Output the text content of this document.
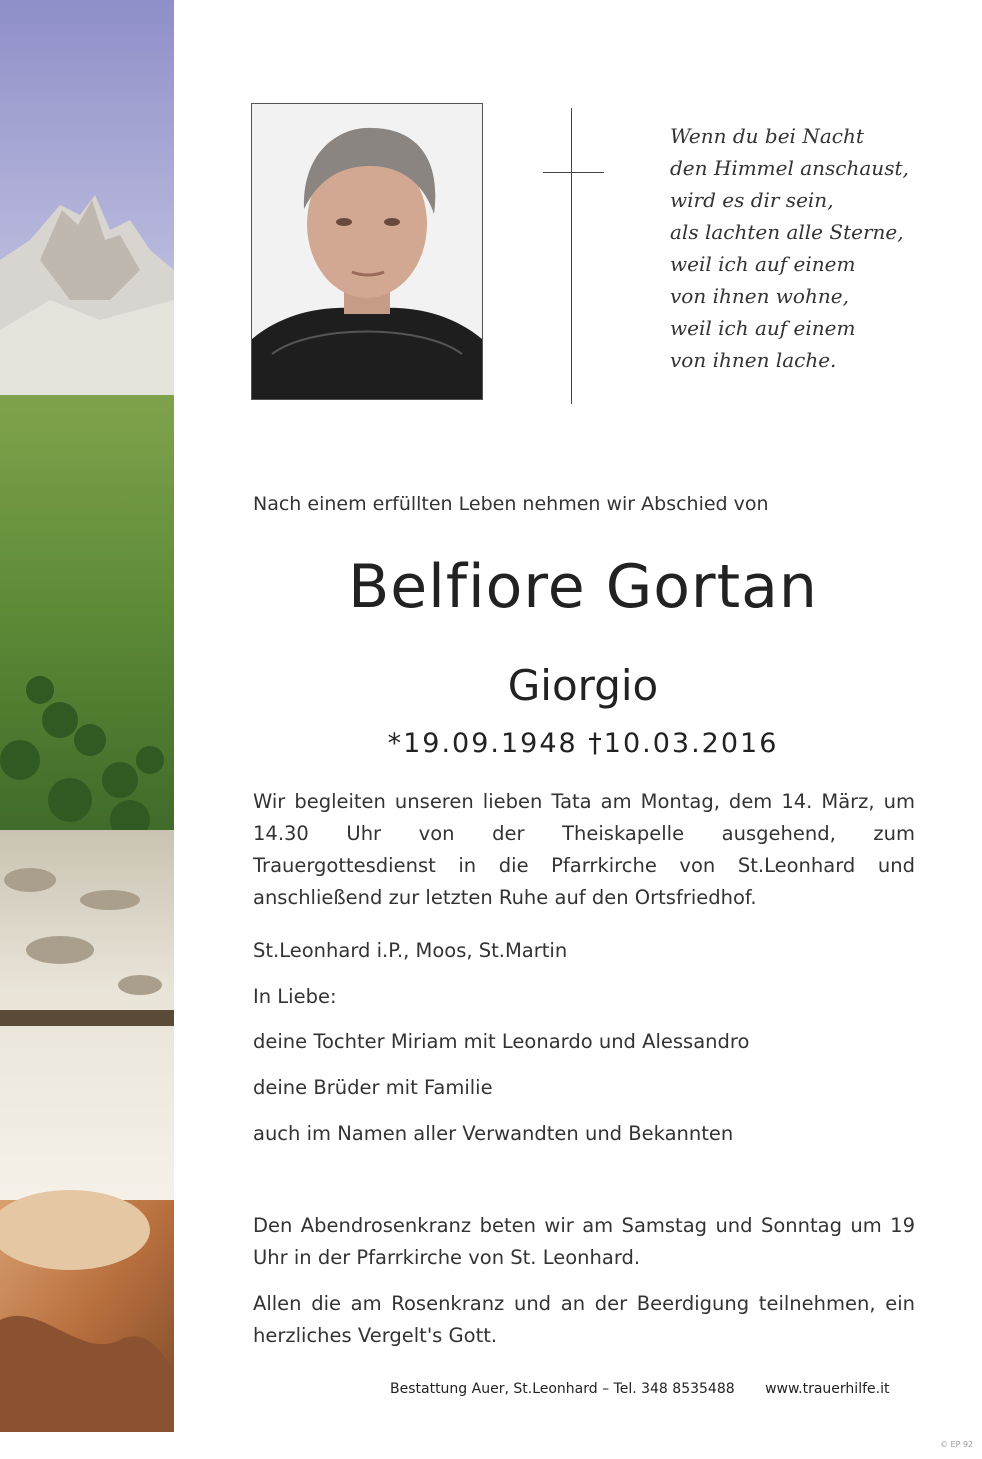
Wenn du bei Nacht
den Himmel anschaust,
wird es dir sein,
als lachten alle Sterne,
weil ich auf einem
von ihnen wohne,
weil ich auf einem
von ihnen lache.
Nach einem erfüllten Leben nehmen wir Abschied von
Belfiore Gortan
Giorgio
*19.09.1948 †10.03.2016
Wir begleiten unseren lieben Tata am Montag, dem 14. März, um 14.30 Uhr von der Theiskapelle ausgehend, zum Trauergottesdienst in die Pfarrkirche von St.Leonhard und anschließend zur letzten Ruhe auf den Ortsfriedhof.
St.Leonhard i.P., Moos, St.Martin
In Liebe:
deine Tochter Miriam mit Leonardo und Alessandro
deine Brüder mit Familie
auch im Namen aller Verwandten und Bekannten
Den Abendrosenkranz beten wir am Samstag und Sonntag um 19 Uhr in der Pfarrkirche von St. Leonhard.
Allen die am Rosenkranz und an der Beerdigung teilnehmen, ein herzliches Vergelt's Gott.
Bestattung Auer, St.Leonhard – Tel. 348 8535488 www.trauerhilfe.it
© EP 92
